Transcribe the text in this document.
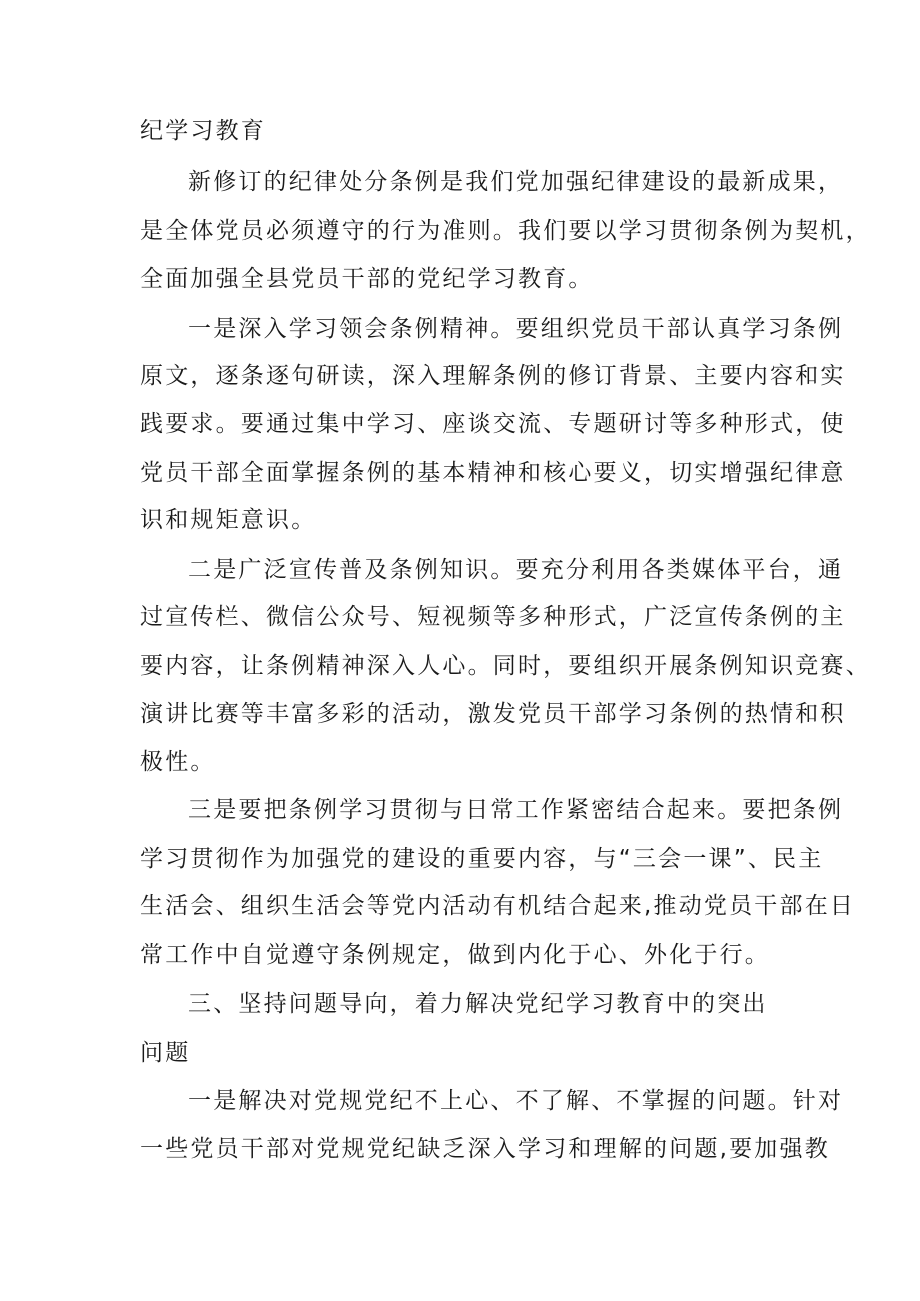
纪学习教育
新修订的纪律处分条例是我们党加强纪律建设的最新成果，
是全体党员必须遵守的行为准则。我们要以学习贯彻条例为契机，
全面加强全县党员干部的党纪学习教育。
一是深入学习领会条例精神。要组织党员干部认真学习条例
原文，逐条逐句研读，深入理解条例的修订背景、主要内容和实
践要求。要通过集中学习、座谈交流、专题研讨等多种形式，使
党员干部全面掌握条例的基本精神和核心要义，切实增强纪律意
识和规矩意识。
二是广泛宣传普及条例知识。要充分利用各类媒体平台，通
过宣传栏、微信公众号、短视频等多种形式，广泛宣传条例的主
要内容，让条例精神深入人心。同时，要组织开展条例知识竞赛、
演讲比赛等丰富多彩的活动，激发党员干部学习条例的热情和积
极性。
三是要把条例学习贯彻与日常工作紧密结合起来。要把条例
学习贯彻作为加强党的建设的重要内容，与“三会一课”、民主
生活会、组织生活会等党内活动有机结合起来,推动党员干部在日
常工作中自觉遵守条例规定，做到内化于心、外化于行。
三、坚持问题导向，着力解决党纪学习教育中的突出
问题
一是解决对党规党纪不上心、不了解、不掌握的问题。针对
一些党员干部对党规党纪缺乏深入学习和理解的问题,要加强教
